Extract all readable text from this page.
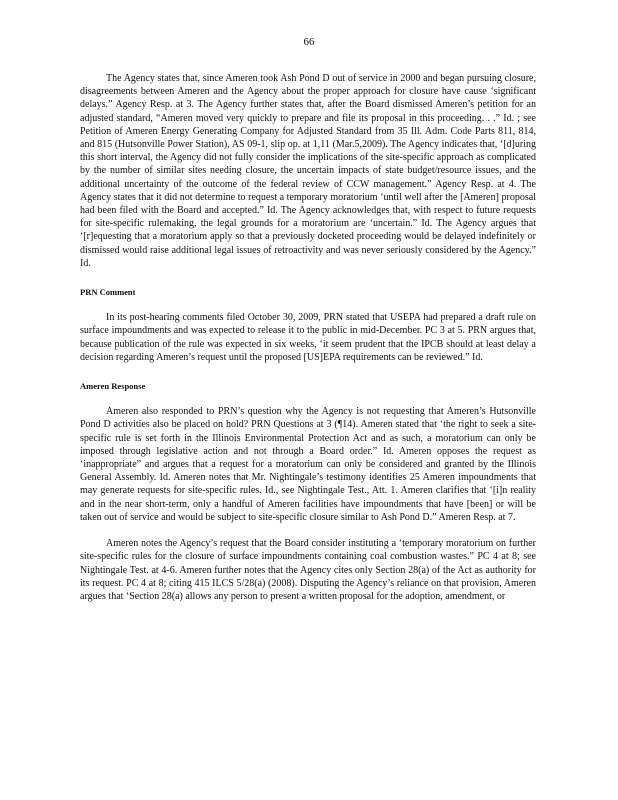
66

The Agency states that, since Ameren took Ash Pond D out of service in 2000 and began pursuing closure, disagreements between Ameren and the Agency about the proper approach for closure have cause ‘significant delays.” Agency Resp. at 3. The Agency further states that, after the Board dismissed Ameren’s petition for an adjusted standard, “Ameren moved very quickly to prepare and file its proposal in this proceeding. . .” Id. ; see Petition of Ameren Energy Generating Company for Adjusted Standard from 35 Ill. Adm. Code Parts 811, 814, and 815 (Hutsonville Power Station), AS 09-1, slip op. at 1,11 (Mar.5,2009). The Agency indicates that, ‘[d]uring this short interval, the Agency did not fully consider the implications of the site-specific approach as complicated by the number of similar sites needing closure, the uncertain impacts of state budget/resource issues, and the additional uncertainty of the outcome of the federal review of CCW management.” Agency Resp. at 4. The Agency states that it did not determine to request a temporary moratorium ‘until well after the [Ameren] proposal had been filed with the Board and accepted.” Id. The Agency acknowledges that, with respect to future requests for site-specific rulemaking, the legal grounds for a moratorium are ‘uncertain.” Id. The Agency argues that ‘[r]equesting that a moratorium apply so that a previously docketed proceeding would be delayed indefinitely or dismissed would raise additional legal issues of retroactivity and was never seriously considered by the Agency.” Id.

PRN Comment

In its post-hearing comments filed October 30, 2009, PRN stated that USEPA had prepared a draft rule on surface impoundments and was expected to release it to the public in mid-December. PC 3 at 5. PRN argues that, because publication of the rule was expected in six weeks, ‘it seem prudent that the IPCB should at least delay a decision regarding Ameren’s request until the proposed [US]EPA requirements can be reviewed.” Id.

Ameren Response

Ameren also responded to PRN’s question why the Agency is not requesting that Ameren’s Hutsonville Pond D activities also be placed on hold? PRN Questions at 3 (¶14). Ameren stated that ‘the right to seek a site-specific rule is set forth in the Illinois Environmental Protection Act and as such, a moratorium can only be imposed through legislative action and not through a Board order.” Id. Ameren opposes the request as ‘inappropriate” and argues that a request for a moratorium can only be considered and granted by the Illinois General Assembly. Id. Ameren notes that Mr. Nightingale’s testimony identifies 25 Ameren impoundments that may generate requests for site-specific rules. Id., see Nightingale Test., Att. 1. Ameren clarifies that ‘[i]n reality and in the near short-term, only a handful of Ameren facilities have impoundments that have [been] or will be taken out of service and would be subject to site-specific closure similar to Ash Pond D.” Ameren Resp. at 7.

Ameren notes the Agency’s request that the Board consider instituting a ‘temporary moratorium on further site-specific rules for the closure of surface impoundments containing coal combustion wastes.” PC 4 at 8; see Nightingale Test. at 4-6. Ameren further notes that the Agency cites only Section 28(a) of the Act as authority for its request. PC 4 at 8; citing 415 ILCS 5/28(a) (2008). Disputing the Agency’s reliance on that provision, Ameren argues that ‘Section 28(a) allows any person to present a written proposal for the adoption, amendment, or
